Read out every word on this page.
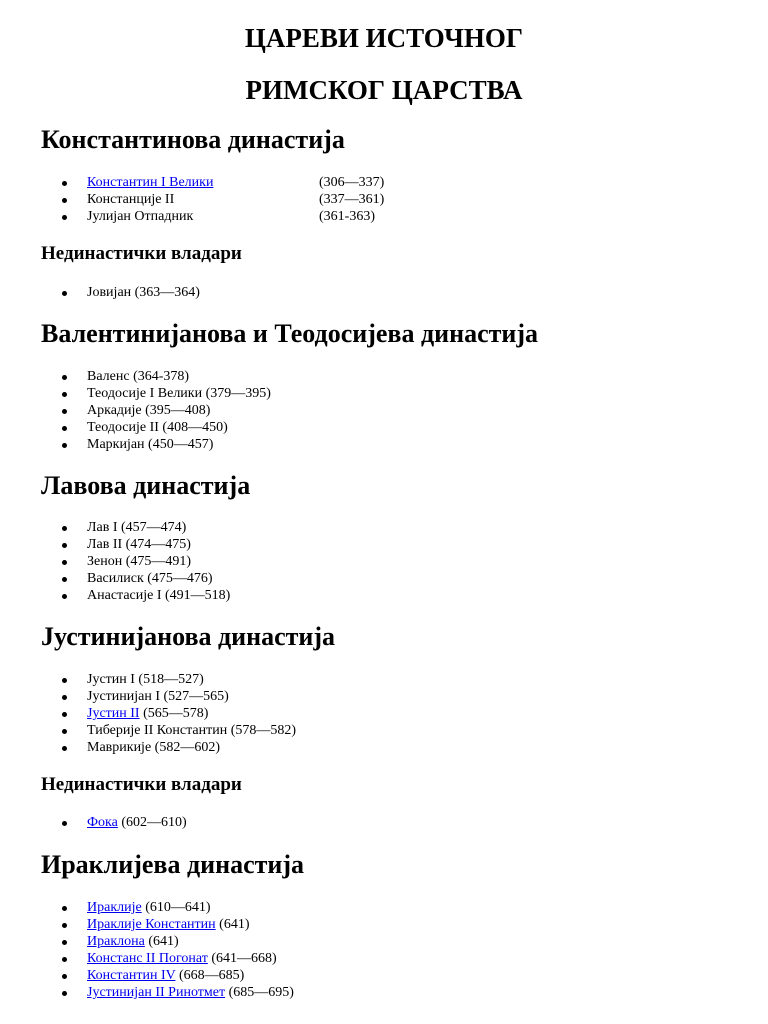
ЦАРЕВИ ИСТОЧНОГ
РИМСКОГ ЦАРСТВА
Константинова династија
Константин I Велики	(306—337)
Констанције II	(337—361)
Јулијан Отпадник	(361-363)
Нединастички владари
Јовијан (363—364)
Валентинијанова и Теодосијева династија
Валенс (364-378)
Теодосије I Велики (379—395)
Аркадије (395—408)
Теодосије II (408—450)
Маркијан (450—457)
Лавова династија
Лав I (457—474)
Лав II (474—475)
Зенон (475—491)
Василиск (475—476)
Анастасије I (491—518)
Јустинијанова династија
Јустин I (518—527)
Јустинијан I (527—565)
Јустин II (565—578)
Тиберије II Константин (578—582)
Маврикије (582—602)
Нединастички владари
Фока (602—610)
Ираклијева династија
Ираклије (610—641)
Ираклије Константин (641)
Ираклона (641)
Констанс II Погонат (641—668)
Константин IV (668—685)
Јустинијан II Ринотмет (685—695)
